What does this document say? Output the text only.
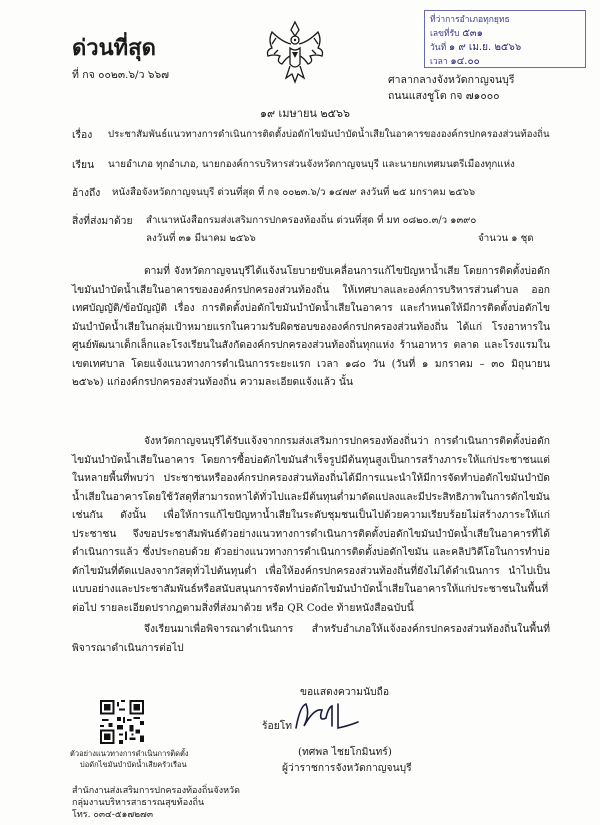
ด่วนที่สุด
ที่ กจ ๐๐๒๓.๖/ว ๖๖๗
ที่ว่าการอำเภอทุกยุทธ
เลขที่รับ ๕๓๑
วันที่ ๑ ๙ เม.ย. ๒๕๖๖
เวลา ๑๔.๐๐
ศาลากลางจังหวัดกาญจนบุรี
ถนนแสงชูโต กจ ๗๑๐๐๐
๑๙ เมษายน ๒๕๖๖
เรื่อง ประชาสัมพันธ์แนวทางการดำเนินการติดตั้งบ่อดักไขมันบำบัดน้ำเสียในอาคารขององค์กรปกครองส่วนท้องถิ่น
เรียน นายอำเภอ ทุกอำเภอ, นายกองค์การบริหารส่วนจังหวัดกาญจนบุรี และนายกเทศมนตรีเมืองทุกแห่ง
อ้างถึง หนังสือจังหวัดกาญจนบุรี ด่วนที่สุด ที่ กจ ๐๐๒๓.๖/ว ๑๔๗๙ ลงวันที่ ๒๕ มกราคม ๒๕๖๖
สิ่งที่ส่งมาด้วย สำเนาหนังสือกรมส่งเสริมการปกครองท้องถิ่น ด่วนที่สุด ที่ มท ๐๘๒๐.๓/ว ๑๓๙๐
ลงวันที่ ๓๑ มีนาคม ๒๕๖๖	จำนวน ๑ ชุด
ตามที่ จังหวัดกาญจนบุรีได้แจ้งนโยบายขับเคลื่อนการแก้ไขปัญหาน้ำเสีย โดยการติดตั้งบ่อดักไขมันบำบัดน้ำเสียในอาคารขององค์กรปกครองส่วนท้องถิ่น ให้เทศบาลและองค์การบริหารส่วนตำบล ออกเทศบัญญัติ/ข้อบัญญัติ เรื่อง การติดตั้งบ่อดักไขมันบำบัดน้ำเสียในอาคาร และกำหนดให้มีการติดตั้งบ่อดักไขมันบำบัดน้ำเสียในกลุ่มเป้าหมายแรกในความรับผิดชอบขององค์กรปกครองส่วนท้องถิ่น ได้แก่ โรงอาหารในศูนย์พัฒนาเด็กเล็กและโรงเรียนในสังกัดองค์กรปกครองส่วนท้องถิ่นทุกแห่ง ร้านอาหาร ตลาด และโรงแรมในเขตเทศบาล โดยแจ้งแนวทางการดำเนินการระยะแรก เวลา ๑๘๐ วัน (วันที่ ๑ มกราคม – ๓๐ มิถุนายน ๒๕๖๖) แก่องค์กรปกครองส่วนท้องถิ่น ความละเอียดแจ้งแล้ว นั้น
จังหวัดกาญจนบุรีได้รับแจ้งจากกรมส่งเสริมการปกครองท้องถิ่นว่า การดำเนินการติดตั้งบ่อดักไขมันบำบัดน้ำเสียในอาคาร โดยการซื้อบ่อดักไขมันสำเร็จรูปมีต้นทุนสูงเป็นการสร้างภาระให้แก่ประชาชนแต่ในหลายพื้นที่พบว่า ประชาชนหรือองค์กรปกครองส่วนท้องถิ่นได้มีการแนะนำให้มีการจัดทำบ่อดักไขมันบำบัดน้ำเสียในอาคารโดยใช้วัสดุที่สามารถหาได้ทั่วไปและมีต้นทุนต่ำมาดัดแปลงและมีประสิทธิภาพในการดักไขมันเช่นกัน ดังนั้น เพื่อให้การแก้ไขปัญหาน้ำเสียในระดับชุมชนเป็นไปด้วยความเรียบร้อยไม่สร้างภาระให้แก่ประชาชน จึงขอประชาสัมพันธ์ตัวอย่างแนวทางการดำเนินการติดตั้งบ่อดักไขมันบำบัดน้ำเสียในอาคารที่ได้ดำเนินการแล้ว ซึ่งประกอบด้วย ตัวอย่างแนวทางการดำเนินการติดตั้งบ่อดักไขมัน และคลิปวิดีโอในการทำบ่อดักไขมันที่ดัดแปลงจากวัสดุทั่วไปต้นทุนต่ำ เพื่อให้องค์กรปกครองส่วนท้องถิ่นที่ยังไม่ได้ดำเนินการ นำไปเป็นแบบอย่างและประชาสัมพันธ์หรือสนับสนุนการจัดทำบ่อดักไขมันบำบัดน้ำเสียในอาคารให้แก่ประชาชนในพื้นที่ต่อไป รายละเอียดปรากฏตามสิ่งที่ส่งมาด้วย หรือ QR Code ท้ายหนังสือฉบับนี้
จึงเรียนมาเพื่อพิจารณาดำเนินการ สำหรับอำเภอให้แจ้งองค์กรปกครองส่วนท้องถิ่นในพื้นที่พิจารณาดำเนินการต่อไป
ขอแสดงความนับถือ
ร้อยโท
(ทศพล ไชยโกมินทร์)
ผู้ว่าราชการจังหวัดกาญจนบุรี
ตัวอย่างแนวทางการดำเนินการติดตั้ง
บ่อดักไขมันบำบัดน้ำเสียครัวเรือน
สำนักงานส่งเสริมการปกครองท้องถิ่นจังหวัด
กลุ่มงานบริหารสาธารณสุขท้องถิ่น
โทร. ๐๓๔-๕๑๗๒๗๓
